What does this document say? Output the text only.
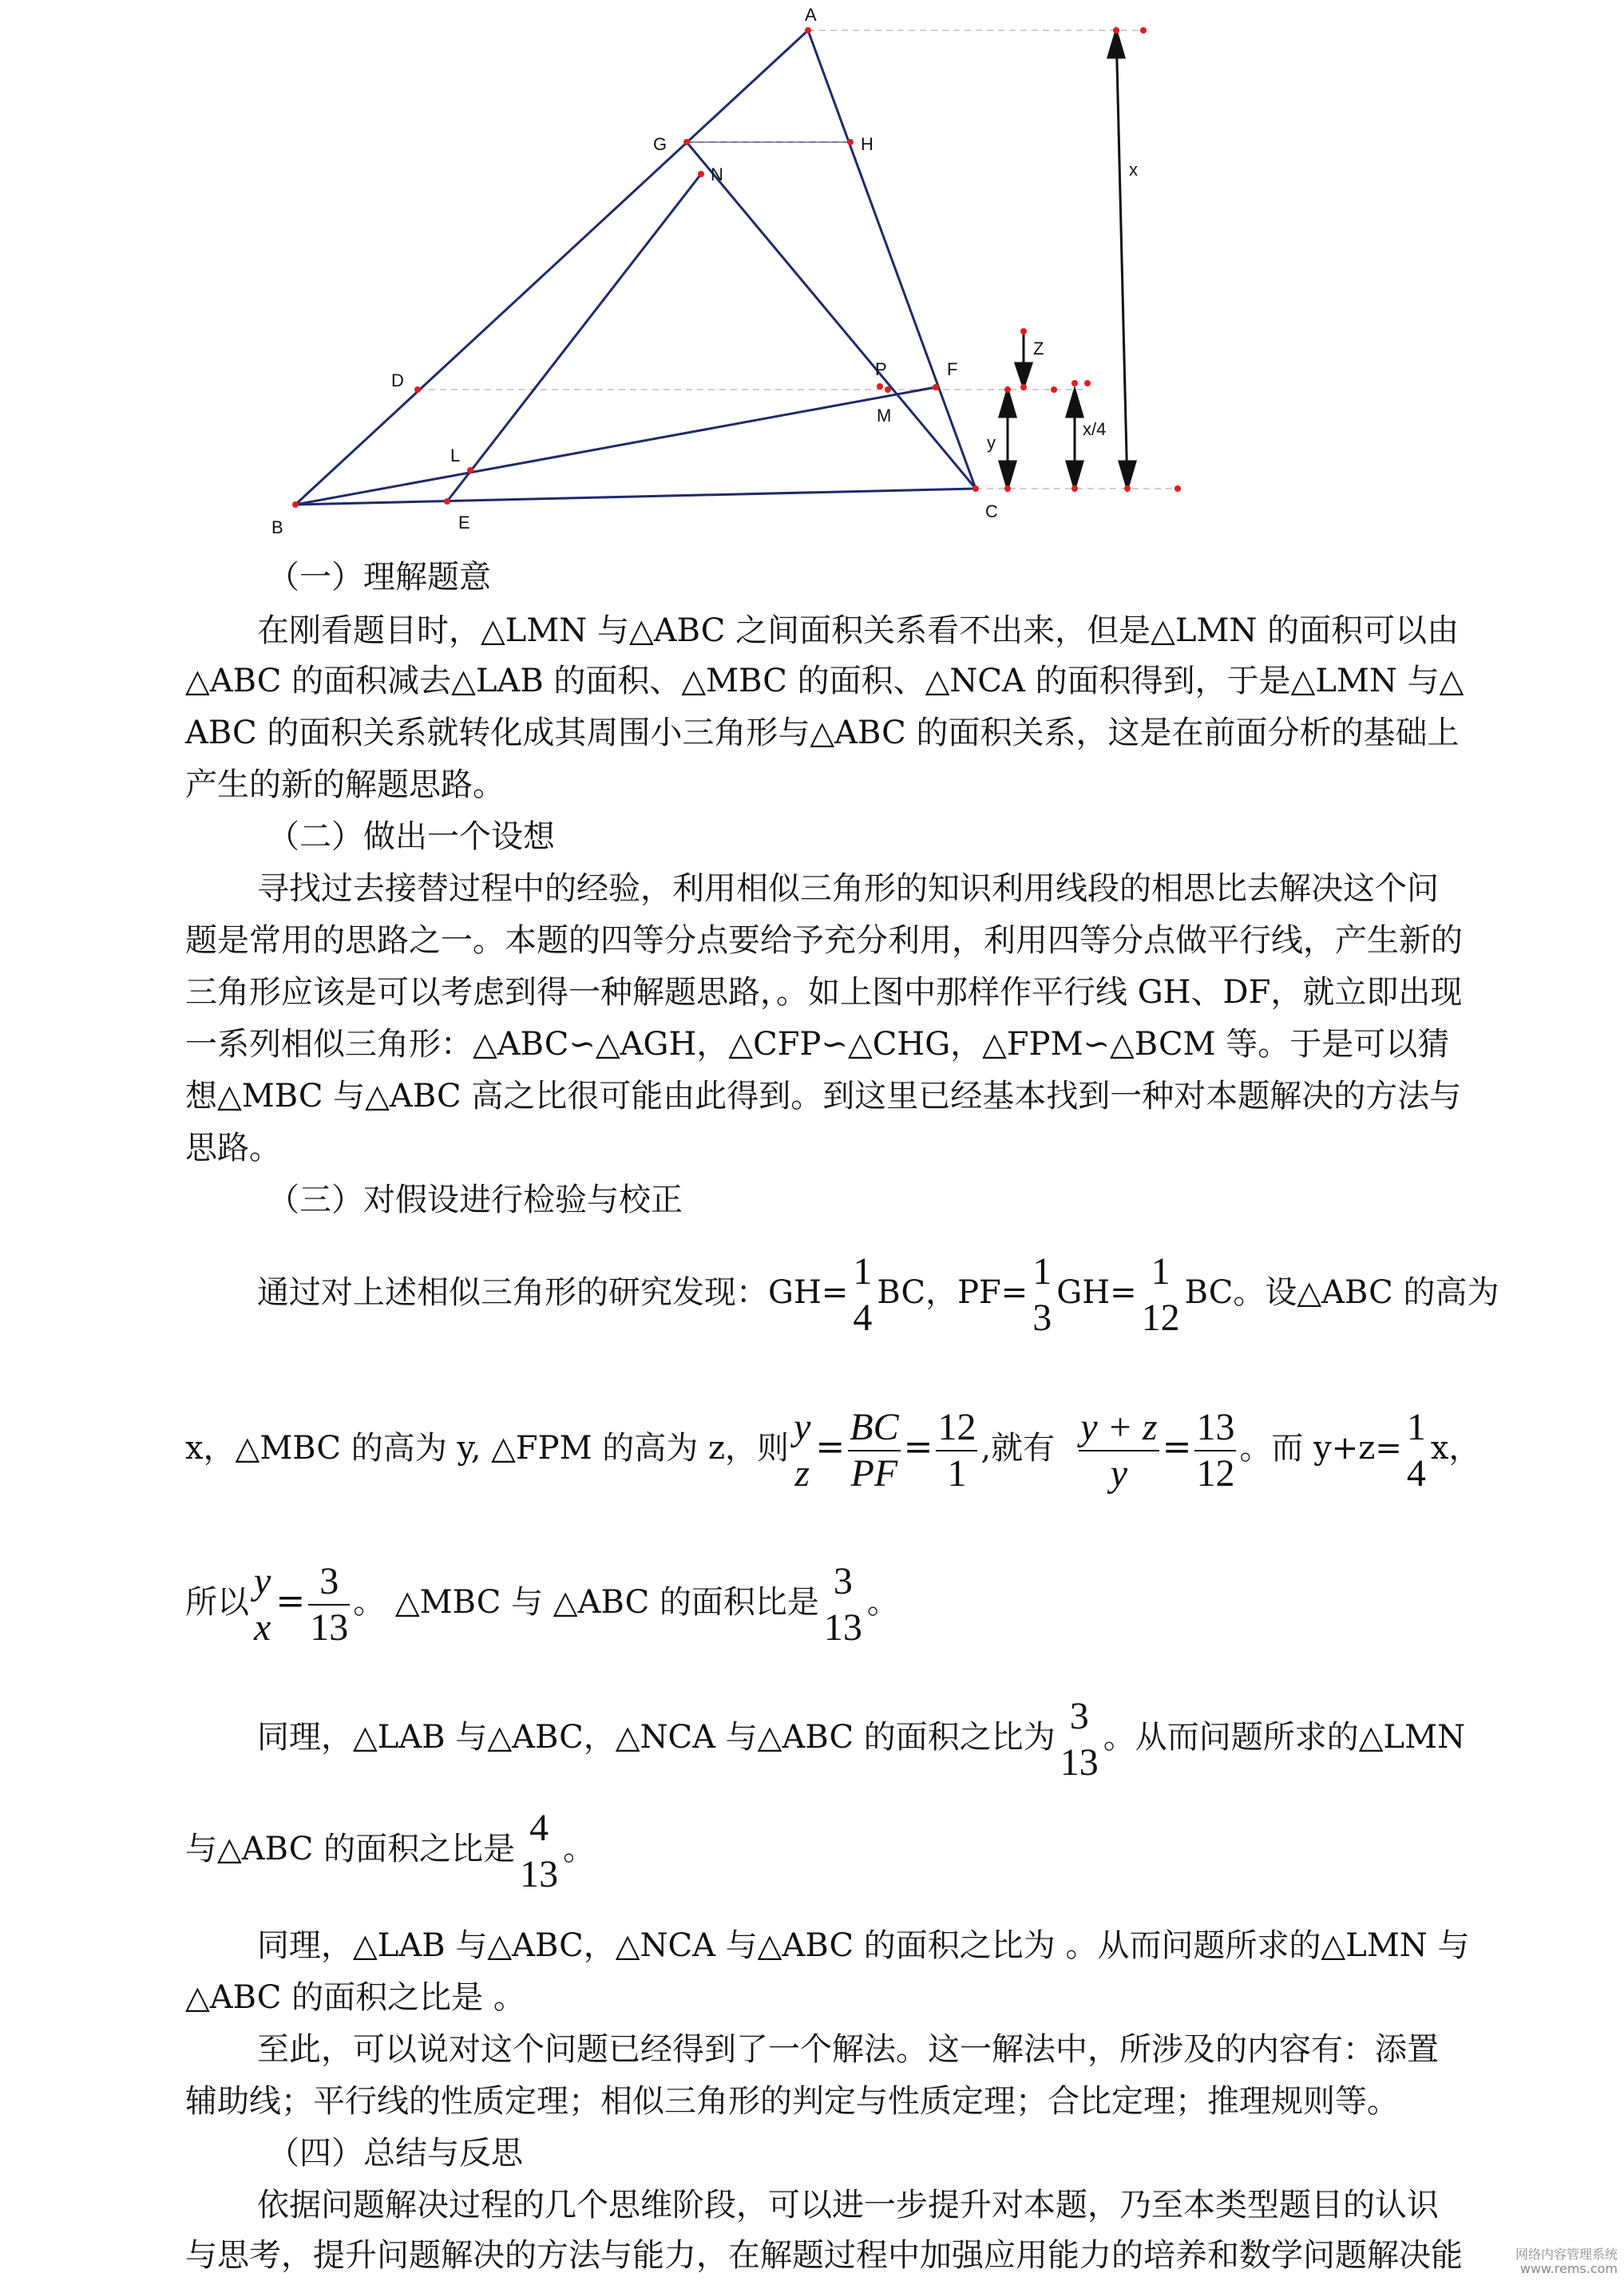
A
B
C
D
E
F
G	H
L
M
N
P
x
y
Z
x/4
（一）理解题意
在刚看题目时，△LMN 与△ABC 之间面积关系看不出来，但是△LMN 的面积可以由
△ABC 的面积减去△LAB 的面积、△MBC 的面积、△NCA 的面积得到，于是△LMN 与△
ABC 的面积关系就转化成其周围小三角形与△ABC 的面积关系，这是在前面分析的基础上
产生的新的解题思路。
（二）做出一个设想
寻找过去接替过程中的经验，利用相似三角形的知识利用线段的相思比去解决这个问
题是常用的思路之一。本题的四等分点要给予充分利用，利用四等分点做平行线，产生新的
三角形应该是可以考虑到得一种解题思路，。如上图中那样作平行线 GH、DF，就立即出现
一系列相似三角形：△ABC∽△AGH，△CFP∽△CHG，△FPM∽△BCM 等。于是可以猜
想△MBC 与△ABC 高之比很可能由此得到。到这里已经基本找到一种对本题解决的方法与
思路。
（三）对假设进行检验与校正
通过对上述相似三角形的研究发现：GH= 1
4
BC，PF= 1
3
GH= 1
12
BC。设△ABC 的高为
x，△MBC 的高为 y, △FPM 的高为 z，则 y
z
= $\frac{BC}{PF} = \frac{12}{1}$ ,就有 $\frac{y + z}{y} = \frac{13}{12}$ 。而 y+z= 1
4
x，
所以 y
x
= $\frac{3}{13}$ 。 △MBC 与 △ABC 的面积比是 3
13
。
同理，△LAB 与△ABC，△NCA 与△ABC 的面积之比为 3
13
。从而问题所求的△LMN
与△ABC 的面积之比是 4
13
。
同理，△LAB 与△ABC，△NCA 与△ABC 的面积之比为 。从而问题所求的△LMN 与
△ABC 的面积之比是 。
至此，可以说对这个问题已经得到了一个解法。这一解法中，所涉及的内容有：添置
辅助线；平行线的性质定理；相似三角形的判定与性质定理；合比定理；推理规则等。
（四）总结与反思
依据问题解决过程的几个思维阶段，可以进一步提升对本题，乃至本类型题目的认识
与思考，提升问题解决的方法与能力，在解题过程中加强应用能力的培养和数学问题解决能	网络内容管理系统
www.rems.com
